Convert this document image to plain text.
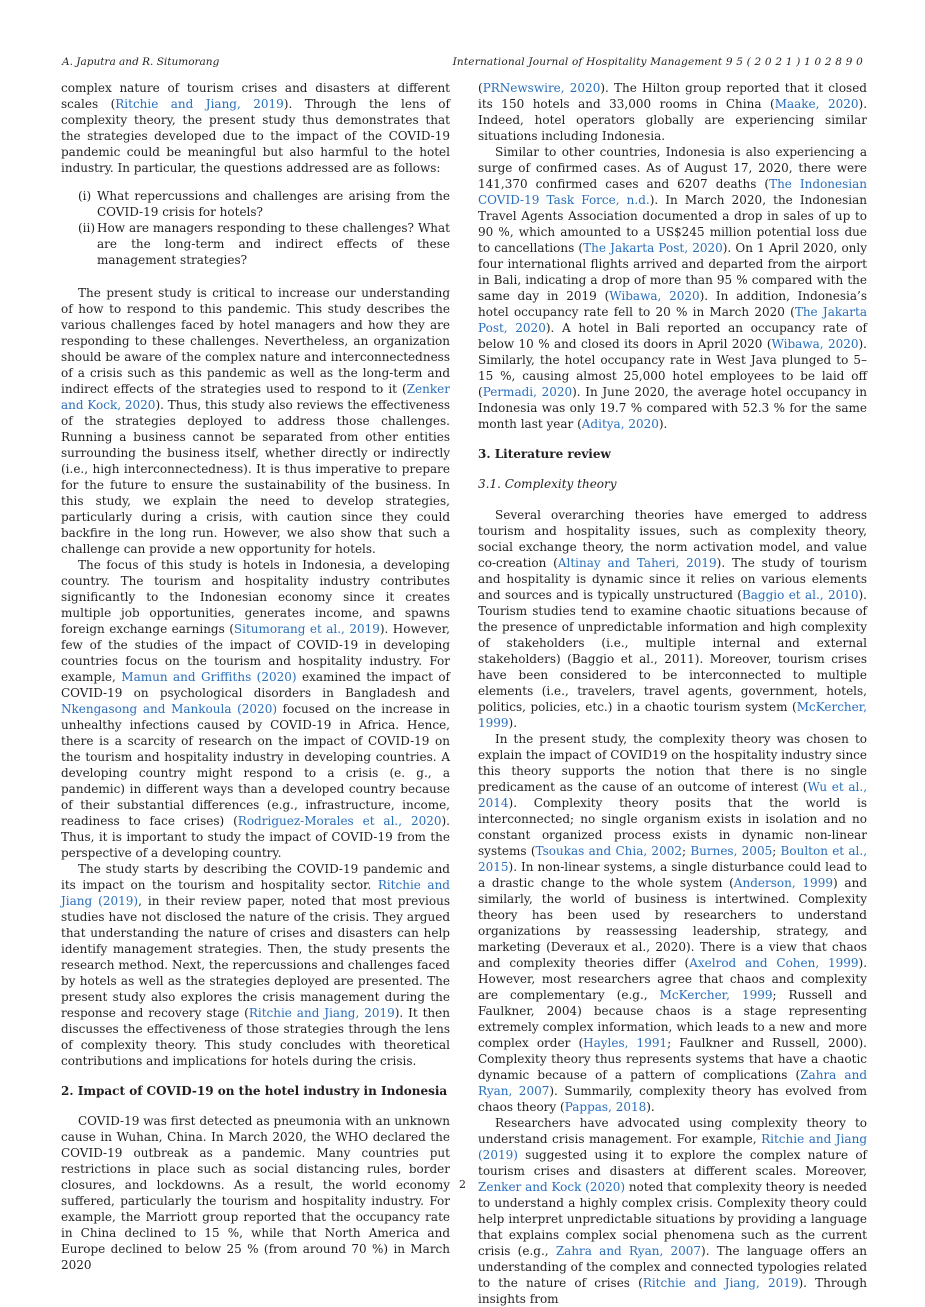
A. Japutra and R. Situmorang	International Journal of Hospitality Management 9 5 ( 2 0 2 1 ) 1 0 2 8 9 0

complex nature of tourism crises and disasters at different scales (Ritchie and Jiang, 2019). Through the lens of complexity theory, the present study thus demonstrates that the strategies developed due to the impact of the COVID-19 pandemic could be meaningful but also harmful to the hotel industry. In particular, the questions addressed are as follows:

(i) What repercussions and challenges are arising from the COVID-19 crisis for hotels?
(ii) How are managers responding to these challenges? What are the long-term and indirect effects of these management strategies?

The present study is critical to increase our understanding of how to respond to this pandemic. This study describes the various challenges faced by hotel managers and how they are responding to these challenges. Nevertheless, an organization should be aware of the complex nature and interconnectedness of a crisis such as this pandemic as well as the long-term and indirect effects of the strategies used to respond to it (Zenker and Kock, 2020). Thus, this study also reviews the effectiveness of the strategies deployed to address those challenges. Running a business cannot be separated from other entities surrounding the business itself, whether directly or indirectly (i.e., high interconnectedness). It is thus imperative to prepare for the future to ensure the sustainability of the business. In this study, we explain the need to develop strategies, particularly during a crisis, with caution since they could backfire in the long run. However, we also show that such a challenge can provide a new opportunity for hotels.

The focus of this study is hotels in Indonesia, a developing country. The tourism and hospitality industry contributes significantly to the Indonesian economy since it creates multiple job opportunities, generates income, and spawns foreign exchange earnings (Situmorang et al., 2019). However, few of the studies of the impact of COVID-19 in developing countries focus on the tourism and hospitality industry. For example, Mamun and Griffiths (2020) examined the impact of COVID-19 on psychological disorders in Bangladesh and Nkengasong and Mankoula (2020) focused on the increase in unhealthy infections caused by COVID-19 in Africa. Hence, there is a scarcity of research on the impact of COVID-19 on the tourism and hospitality industry in developing countries. A developing country might respond to a crisis (e. g., a pandemic) in different ways than a developed country because of their substantial differences (e.g., infrastructure, income, readiness to face crises) (Rodriguez-Morales et al., 2020). Thus, it is important to study the impact of COVID-19 from the perspective of a developing country.

The study starts by describing the COVID-19 pandemic and its impact on the tourism and hospitality sector. Ritchie and Jiang (2019), in their review paper, noted that most previous studies have not disclosed the nature of the crisis. They argued that understanding the nature of crises and disasters can help identify management strategies. Then, the study presents the research method. Next, the repercussions and challenges faced by hotels as well as the strategies deployed are presented. The present study also explores the crisis management during the response and recovery stage (Ritchie and Jiang, 2019). It then discusses the effectiveness of those strategies through the lens of complexity theory. This study concludes with theoretical contributions and implications for hotels during the crisis.

2. Impact of COVID-19 on the hotel industry in Indonesia

COVID-19 was first detected as pneumonia with an unknown cause in Wuhan, China. In March 2020, the WHO declared the COVID-19 outbreak as a pandemic. Many countries put restrictions in place such as social distancing rules, border closures, and lockdowns. As a result, the world economy suffered, particularly the tourism and hospitality industry. For example, the Marriott group reported that the occupancy rate in China declined to 15 %, while that North America and Europe declined to below 25 % (from around 70 %) in March 2020

(PRNewswire, 2020). The Hilton group reported that it closed its 150 hotels and 33,000 rooms in China (Maake, 2020). Indeed, hotel operators globally are experiencing similar situations including Indonesia.

Similar to other countries, Indonesia is also experiencing a surge of confirmed cases. As of August 17, 2020, there were 141,370 confirmed cases and 6207 deaths (The Indonesian COVID-19 Task Force, n.d.). In March 2020, the Indonesian Travel Agents Association documented a drop in sales of up to 90 %, which amounted to a US$245 million potential loss due to cancellations (The Jakarta Post, 2020). On 1 April 2020, only four international flights arrived and departed from the airport in Bali, indicating a drop of more than 95 % compared with the same day in 2019 (Wibawa, 2020). In addition, Indonesia’s hotel occupancy rate fell to 20 % in March 2020 (The Jakarta Post, 2020). A hotel in Bali reported an occupancy rate of below 10 % and closed its doors in April 2020 (Wibawa, 2020). Similarly, the hotel occupancy rate in West Java plunged to 5–15 %, causing almost 25,000 hotel employees to be laid off (Permadi, 2020). In June 2020, the average hotel occupancy in Indonesia was only 19.7 % compared with 52.3 % for the same month last year (Aditya, 2020).

3. Literature review
3.1. Complexity theory

Several overarching theories have emerged to address tourism and hospitality issues, such as complexity theory, social exchange theory, the norm activation model, and value co-creation (Altinay and Taheri, 2019). The study of tourism and hospitality is dynamic since it relies on various elements and sources and is typically unstructured (Baggio et al., 2010). Tourism studies tend to examine chaotic situations because of the presence of unpredictable information and high complexity of stakeholders (i.e., multiple internal and external stakeholders) (Baggio et al., 2011). Moreover, tourism crises have been considered to be interconnected to multiple elements (i.e., travelers, travel agents, government, hotels, politics, policies, etc.) in a chaotic tourism system (McKercher, 1999).

In the present study, the complexity theory was chosen to explain the impact of COVID19 on the hospitality industry since this theory supports the notion that there is no single predicament as the cause of an outcome of interest (Wu et al., 2014). Complexity theory posits that the world is interconnected; no single organism exists in isolation and no constant organized process exists in dynamic non-linear systems (Tsoukas and Chia, 2002; Burnes, 2005; Boulton et al., 2015). In non-linear systems, a single disturbance could lead to a drastic change to the whole system (Anderson, 1999) and similarly, the world of business is intertwined. Complexity theory has been used by researchers to understand organizations by reassessing leadership, strategy, and marketing (Deveraux et al., 2020). There is a view that chaos and complexity theories differ (Axelrod and Cohen, 1999). However, most researchers agree that chaos and complexity are complementary (e.g., McKercher, 1999; Russell and Faulkner, 2004) because chaos is a stage representing extremely complex information, which leads to a new and more complex order (Hayles, 1991; Faulkner and Russell, 2000). Complexity theory thus represents systems that have a chaotic dynamic because of a pattern of complications (Zahra and Ryan, 2007). Summarily, complexity theory has evolved from chaos theory (Pappas, 2018).

Researchers have advocated using complexity theory to understand crisis management. For example, Ritchie and Jiang (2019) suggested using it to explore the complex nature of tourism crises and disasters at different scales. Moreover, Zenker and Kock (2020) noted that complexity theory is needed to understand a highly complex crisis. Complexity theory could help interpret unpredictable situations by providing a language that explains complex social phenomena such as the current crisis (e.g., Zahra and Ryan, 2007). The language offers an understanding of the complex and connected typologies related to the nature of crises (Ritchie and Jiang, 2019). Through insights from

2
